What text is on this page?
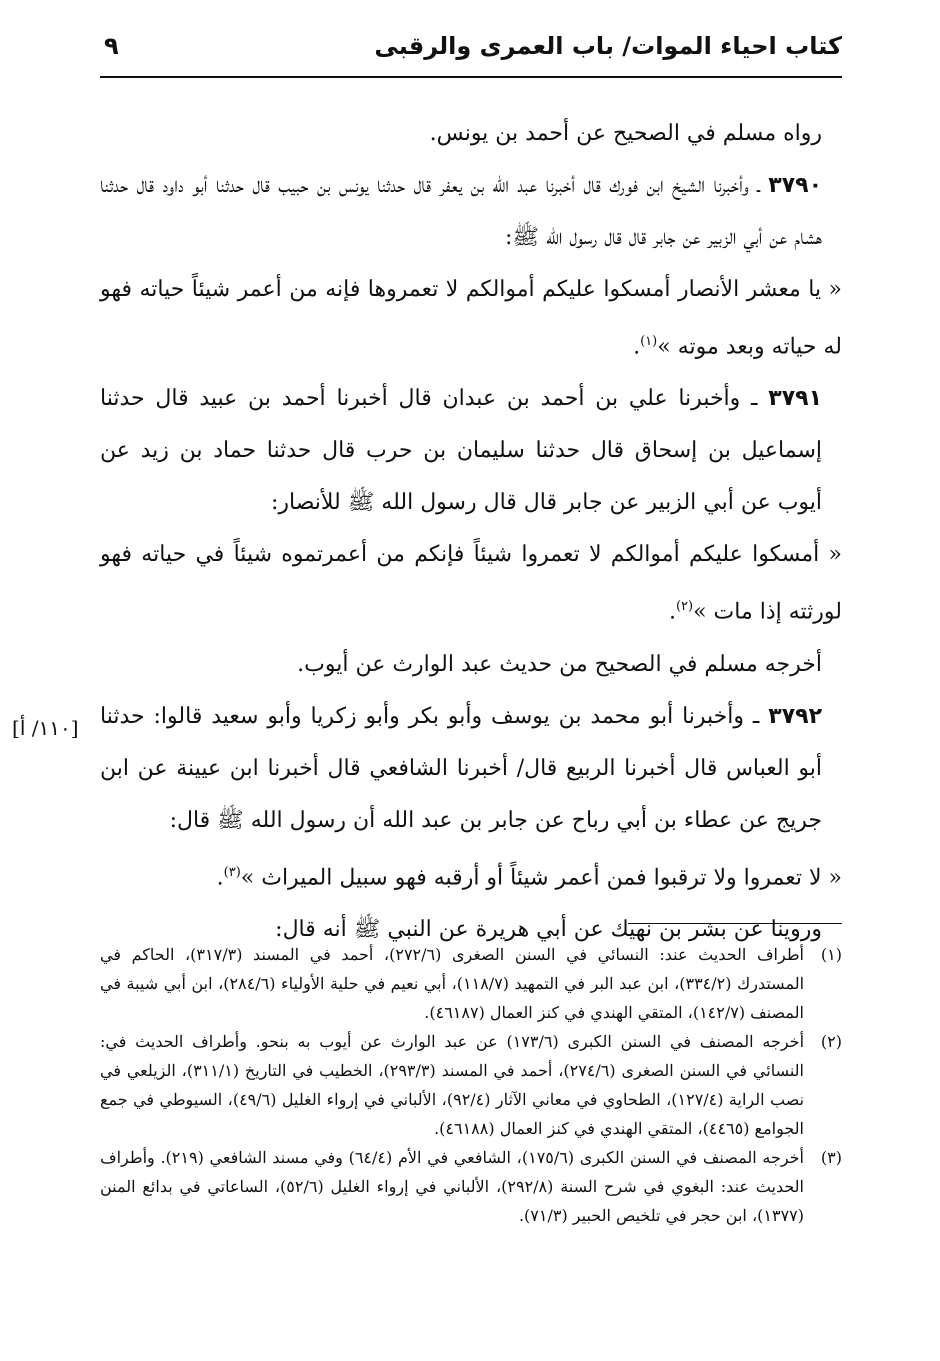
كتاب احياء الموات/ باب العمرى والرقبى
٩

رواه مسلم في الصحيح عن أحمد بن يونس.

٣٧٩٠ ـ وأخبرنا الشيخ ابن فورك قال أخبرنا عبد الله بن يعفر قال حدثنا يونس بن حبيب قال حدثنا أبو داود قال حدثنا هشام عن أبي الزبير عن جابر قال قال رسول الله ﷺ:

« يا معشر الأنصار أمسكوا عليكم أموالكم لا تعمروها فإنه من أعمر شيئاً حياته فهو له حياته وبعد موته »$^{(١)}$.

٣٧٩١ ـ وأخبرنا علي بن أحمد بن عبدان قال أخبرنا أحمد بن عبيد قال حدثنا إسماعيل بن إسحاق قال حدثنا سليمان بن حرب قال حدثنا حماد بن زيد عن أيوب عن أبي الزبير عن جابر قال قال رسول الله ﷺ للأنصار:

« أمسكوا عليكم أموالكم لا تعمروا شيئاً فإنكم من أعمرتموه شيئاً في حياته فهو لورثته إذا مات »$^{(٢)}$.

أخرجه مسلم في الصحيح من حديث عبد الوارث عن أيوب.

٣٧٩٢ ـ وأخبرنا أبو محمد بن يوسف وأبو بكر وأبو زكريا وأبو سعيد قالوا: حدثنا أبو العباس قال أخبرنا الربيع قال/ أخبرنا الشافعي قال أخبرنا ابن عيينة عن ابن جريج عن عطاء بن أبي رباح عن جابر بن عبد الله أن رسول الله ﷺ قال:

« لا تعمروا ولا ترقبوا فمن أعمر شيئاً أو أرقبه فهو سبيل الميراث »$^{(٣)}$.

وروينا عن بشر بن نهيك عن أبي هريرة عن النبي ﷺ أنه قال:

[١١٠/ أ]

(١)
أطراف الحديث عند: النسائي في السنن الصغرى (٢٧٢/٦)، أحمد في المسند (٣١٧/٣)، الحاكم في المستدرك (٣٣٤/٢)، ابن عبد البر في التمهيد (١١٨/٧)، أبي نعيم في حلية الأولياء (٢٨٤/٦)، ابن أبي شيبة في المصنف (١٤٢/٧)، المتقي الهندي في كنز العمال (٤٦١٨٧).

(٢)
أخرجه المصنف في السنن الكبرى (١٧٣/٦) عن عبد الوارث عن أيوب به بنحو. وأطراف الحديث في: النسائي في السنن الصغرى (٢٧٤/٦)، أحمد في المسند (٢٩٣/٣)، الخطيب في التاريخ (٣١١/١)، الزيلعي في نصب الراية (١٢٧/٤)، الطحاوي في معاني الآثار (٩٢/٤)، الألباني في إرواء الغليل (٤٩/٦)، السيوطي في جمع الجوامع (٤٤٦٥)، المتقي الهندي في كنز العمال (٤٦١٨٨).

(٣)
أخرجه المصنف في السنن الكبرى (١٧٥/٦)، الشافعي في الأم (٦٤/٤) وفي مسند الشافعي (٢١٩). وأطراف الحديث عند: البغوي في شرح السنة (٢٩٢/٨)، الألباني في إرواء الغليل (٥٢/٦)، الساعاتي في بدائع المنن (١٣٧٧)، ابن حجر في تلخيص الحبير (٧١/٣).
